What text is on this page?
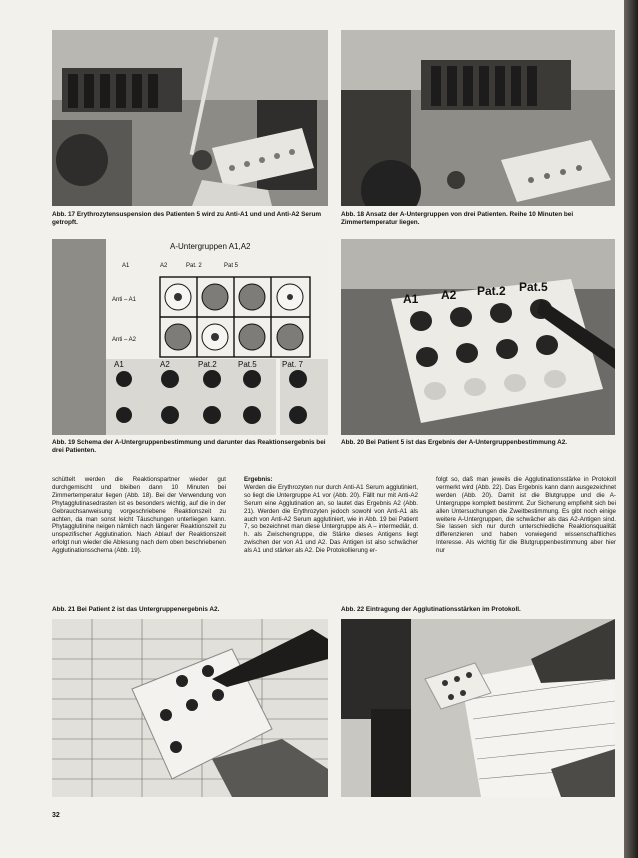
Abb. 17 Erythrozytensuspension des Patienten 5 wird zu Anti-A1 und und Anti-A2 Serum getropft.

Abb. 18 Ansatz der A-Untergruppen von drei Patienten. Reihe 10 Minuten bei Zimmertemperatur liegen.

A-Untergruppen A1,A2
A1	A2	Pat. 2	Pat 5
Anti – A1
Anti – A2
A1	A2	Pat.2	Pat.5	Pat. 7

Abb. 19 Schema der A-Untergruppenbestimmung und darunter das Reaktionsergebnis bei drei Patienten.

A1 A2 Pat.2 Pat.5

Abb. 20 Bei Patient 5 ist das Ergebnis der A-Untergruppenbestimmung A2.

schüttelt werden die Reaktionspartner wieder gut durchgemischt und bleiben dann 10 Minuten bei Zimmertemperatur liegen (Abb. 18). Bei der Verwendung von Phytagglutinasedrasten ist es besonders wichtig, auf die in der Gebrauchsanweisung vorgeschriebene Reaktionszeit zu achten, da man sonst leicht Täuschungen unterliegen kann. Phytagglutinine neigen nämlich nach längerer Reaktionszeit zu unspezifischer Agglutination. Nach Ablauf der Reaktionszeit erfolgt nun wieder die Ablesung nach dem oben beschriebenen Agglutinationsschema (Abb. 19).

Ergebnis:

Werden die Erythrozyten nur durch Anti-A1 Serum agglutiniert, so liegt die Untergruppe A1 vor (Abb. 20). Fällt nur mit Anti-A2 Serum eine Agglutination an, so lautet das Ergebnis A2 (Abb. 21). Werden die Erythrozyten jedoch sowohl von Anti-A1 als auch von Anti-A2 Serum agglutiniert, wie in Abb. 19 bei Patient 7, so bezeichnet man diese Untergruppe als A – intermediär, d. h. als Zwischengruppe, die Stärke dieses Antigens liegt zwischen der von A1 und A2. Das Antigen ist also schwächer als A1 und stärker als A2. Die Protokollierung er-

folgt so, daß man jeweils die Agglutinationsstärke in Protokoll vermerkt wird (Abb. 22). Das Ergebnis kann dann ausgezeichnet werden (Abb. 20). Damit ist die Blutgruppe und die A-Untergruppe komplett bestimmt. Zur Sicherung empfiehlt sich bei allen Untersuchungen die Zweitbestimmung. Es gibt noch einige weitere A-Untergruppen, die schwächer als das A2-Antigen sind. Sie lassen sich nur durch unterschiedliche Reaktionsqualität differenzieren und haben vorwiegend wissenschaftliches Interesse. Als wichtig für die Blutgruppenbestimmung aber hier nur

Abb. 21 Bei Patient 2 ist das Untergruppenergebnis A2.	Abb. 22 Eintragung der Agglutinationsstärken im Protokoll.

32
